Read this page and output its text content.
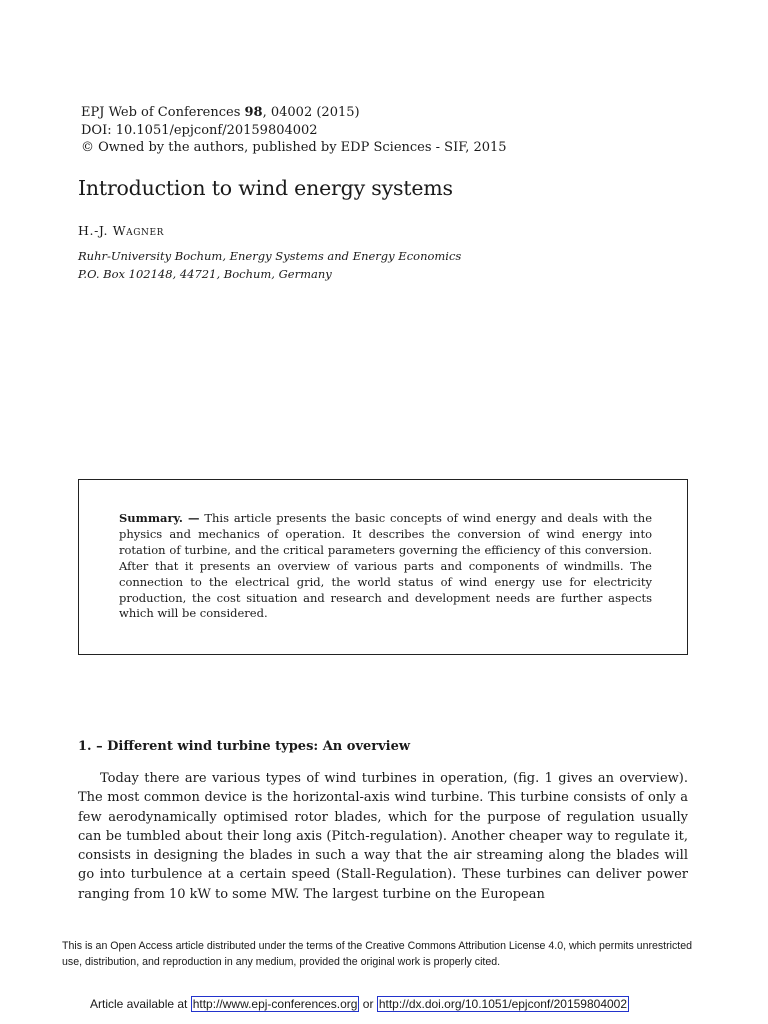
EPJ Web of Conferences 98, 04002 (2015)
DOI: 10.1051/epjconf/20159804002
© Owned by the authors, published by EDP Sciences - SIF, 2015
Introduction to wind energy systems
H.-J. Wagner
Ruhr-University Bochum, Energy Systems and Energy Economics
P.O. Box 102148, 44721, Bochum, Germany
Summary. — This article presents the basic concepts of wind energy and deals with the physics and mechanics of operation. It describes the conversion of wind energy into rotation of turbine, and the critical parameters governing the efficiency of this conversion. After that it presents an overview of various parts and components of windmills. The connection to the electrical grid, the world status of wind energy use for electricity production, the cost situation and research and development needs are further aspects which will be considered.
1. – Different wind turbine types: An overview

Today there are various types of wind turbines in operation, (fig. 1 gives an overview). The most common device is the horizontal-axis wind turbine. This turbine consists of only a few aerodynamically optimised rotor blades, which for the purpose of regulation usually can be tumbled about their long axis (Pitch-regulation). Another cheaper way to regulate it, consists in designing the blades in such a way that the air streaming along the blades will go into turbulence at a certain speed (Stall-Regulation). These turbines can deliver power ranging from 10 kW to some MW. The largest turbine on the European

This is an Open Access article distributed under the terms of the Creative Commons Attribution License 4.0, which permits unrestricted use, distribution, and reproduction in any medium, provided the original work is properly cited.
Article available at http://www.epj-conferences.org or http://dx.doi.org/10.1051/epjconf/20159804002
